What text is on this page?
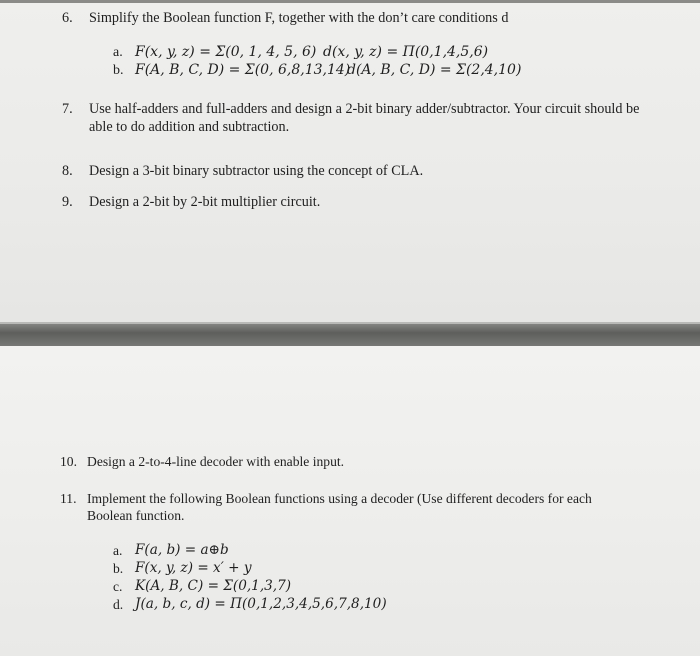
6. Simplify the Boolean function F, together with the don’t care conditions d
a. F(x, y, z) = Σ(0, 1, 4, 5, 6) d(x, y, z) = Π(0,1,4,5,6)
b. F(A, B, C, D) = Σ(0, 6,8,13,14)
d(A, B, C, D) = Σ(2,4,10)
7. Use half-adders and full-adders and design a 2-bit binary adder/subtractor. Your circuit should be
able to do addition and subtraction.
8. Design a 3-bit binary subtractor using the concept of CLA.
9. Design a 2-bit by 2-bit multiplier circuit.
10. Design a 2-to-4-line decoder with enable input.
11. Implement the following Boolean functions using a decoder (Use different decoders for each
Boolean function.
a. F(a, b) = a⊕b
b. F(x, y, z) = x′ + y
c. K(A, B, C) = Σ(0,1,3,7)
d. J(a, b, c, d) = Π(0,1,2,3,4,5,6,7,8,10)
